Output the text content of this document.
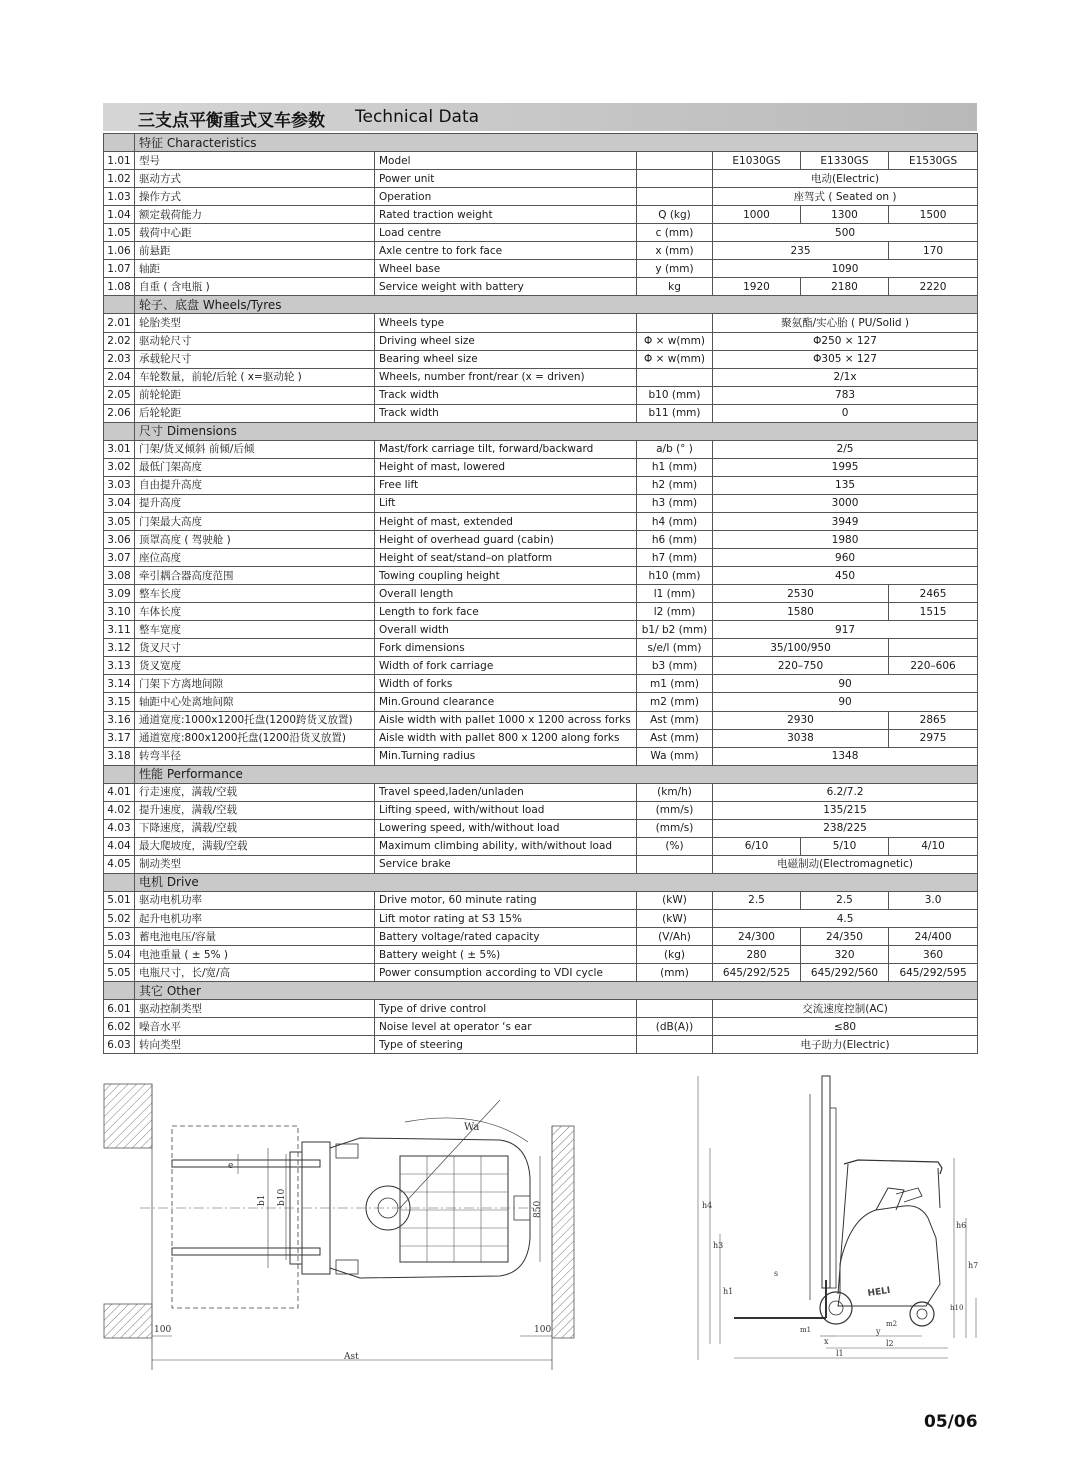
三支点平衡重式叉车参数 Technical Data
	特征 Characteristics					
1.01	型号	Model		E1030GS	E1330GS	E1530GS
1.02	驱动方式	Power unit		电动(Electric)		
1.03	操作方式	Operation		座驾式 ( Seated on )		
1.04	额定载荷能力	Rated traction weight	Q (kg)	1000	1300	1500
1.05	载荷中心距	Load centre	c (mm)	500		
1.06	前悬距	Axle centre to fork face	x (mm)	235		170
1.07	轴距	Wheel base	y (mm)	1090		
1.08	自重 ( 含电瓶 )	Service weight with battery	kg	1920	2180	2220
	轮子、底盘 Wheels/Tyres					
2.01	轮胎类型	Wheels type		聚氨酯/实心胎 ( PU/Solid )		
2.02	驱动轮尺寸	Driving wheel size	Φ × w(mm)	Φ250 × 127		
2.03	承载轮尺寸	Bearing wheel size	Φ × w(mm)	Φ305 × 127		
2.04	车轮数量，前轮/后轮 ( x=驱动轮 )	Wheels, number front/rear (x = driven)		2/1x		
2.05	前轮轮距	Track width	b10 (mm)	783		
2.06	后轮轮距	Track width	b11 (mm)	0		
	尺寸 Dimensions					
3.01	门架/货叉倾斜 前倾/后倾	Mast/fork carriage tilt, forward/backward	a/b (° )	2/5		
3.02	最低门架高度	Height of mast, lowered	h1 (mm)	1995		
3.03	自由提升高度	Free lift	h2 (mm)	135		
3.04	提升高度	Lift	h3 (mm)	3000		
3.05	门架最大高度	Height of mast, extended	h4 (mm)	3949		
3.06	顶罩高度 ( 驾驶舱 )	Height of overhead guard (cabin)	h6 (mm)	1980		
3.07	座位高度	Height of seat/stand–on platform	h7 (mm)	960		
3.08	牵引耦合器高度范围	Towing coupling height	h10 (mm)	450		
3.09	整车长度	Overall length	l1 (mm)	2530		2465
3.10	车体长度	Length to fork face	l2 (mm)	1580		1515
3.11	整车宽度	Overall width	b1/ b2 (mm)	917		
3.12	货叉尺寸	Fork dimensions	s/e/l (mm)	35/100/950		
3.13	货叉宽度	Width of fork carriage	b3 (mm)	220–750		220–606
3.14	门架下方离地间隙	Width of forks	m1 (mm)	90		
3.15	轴距中心处离地间隙	Min.Ground clearance	m2 (mm)	90		
3.16	通道宽度:1000x1200托盘(1200跨货叉放置)	Aisle width with pallet 1000 x 1200 across forks	Ast (mm)	2930		2865
3.17	通道宽度:800x1200托盘(1200沿货叉放置)	Aisle width with pallet 800 x 1200 along forks	Ast (mm)	3038		2975
3.18	转弯半径	Min.Turning radius	Wa (mm)	1348		
	性能 Performance					
4.01	行走速度，满载/空载	Travel speed,laden/unladen	(km/h)	6.2/7.2		
4.02	提升速度，满载/空载	Lifting speed, with/without load	(mm/s)	135/215		
4.03	下降速度，满载/空载	Lowering speed, with/without load	(mm/s)	238/225		
4.04	最大爬坡度，满载/空载	Maximum climbing ability, with/without load	(%)	6/10	5/10	4/10
4.05	制动类型	Service brake		电磁制动(Electromagnetic)		
	电机 Drive					
5.01	驱动电机功率	Drive motor, 60 minute rating	(kW)	2.5	2.5	3.0
5.02	起升电机功率	Lift motor rating at S3 15%	(kW)	4.5		
5.03	蓄电池电压/容量	Battery voltage/rated capacity	(V/Ah)	24/300	24/350	24/400
5.04	电池重量 ( ± 5% )	Battery weight ( ± 5%)	(kg)	280	320	360
5.05	电瓶尺寸，长/宽/高	Power consumption according to VDI cycle	(mm)	645/292/525	645/292/560	645/292/595
	其它 Other					
6.01	驱动控制类型	Type of drive control		交流速度控制(AC)		
6.02	噪音水平	Noise level at operator ‘s ear	(dB(A))	≤80		
6.03	转向类型	Type of steering		电子助力(Electric)		
Wa
e
b1 b10
850
100	100
Ast
h4
h3
h1	HELI
l1
l2
y
x
s
h6
h7
h10
m1
m2
05/06
